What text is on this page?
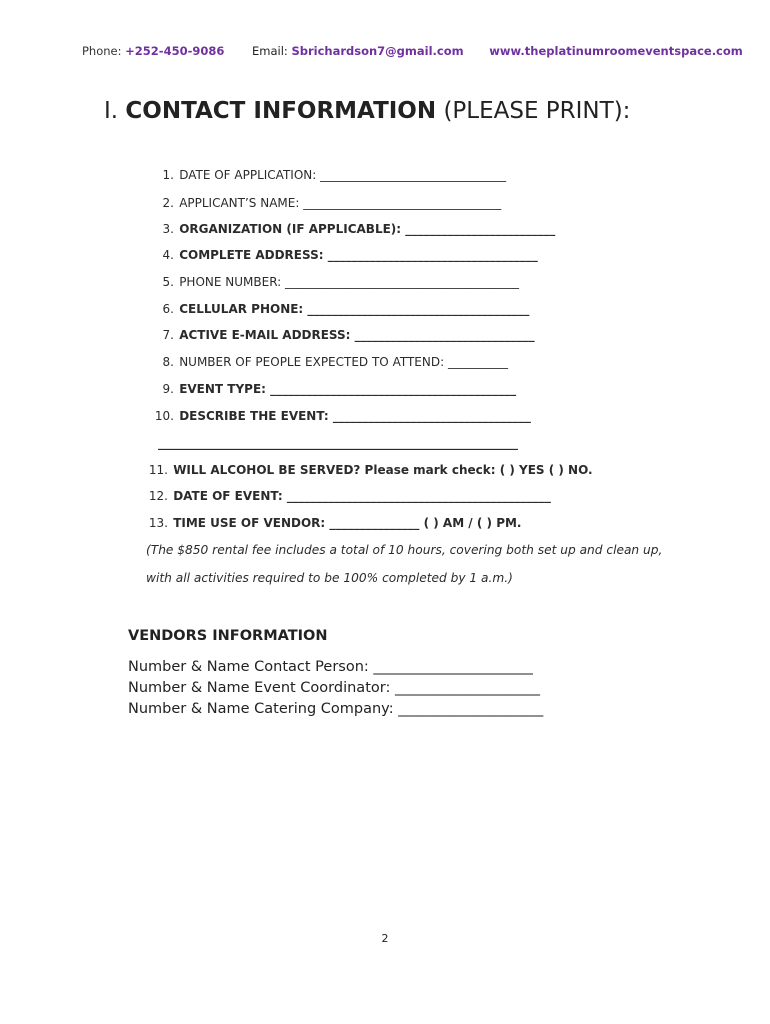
Phone: +252-450-9086 Email: Sbrichardson7@gmail.com www.theplatinumroomeventspace.com
I. CONTACT INFORMATION (PLEASE PRINT):
1. DATE OF APPLICATION: _______________________________
2. APPLICANT’S NAME: _________________________________
3. ORGANIZATION (IF APPLICABLE): _________________________
4. COMPLETE ADDRESS: ___________________________________
5. PHONE NUMBER: _______________________________________
6. CELLULAR PHONE: _____________________________________
7. ACTIVE E-MAIL ADDRESS: ______________________________
8. NUMBER OF PEOPLE EXPECTED TO ATTEND: __________
9. EVENT TYPE: _________________________________________
10. DESCRIBE THE EVENT: _________________________________
____________________________________________________________
11. WILL ALCOHOL BE SERVED? Please mark check: ( ) YES ( ) NO.
12. DATE OF EVENT: ____________________________________________
13. TIME USE OF VENDOR: _______________ ( ) AM / ( ) PM.
(The $850 rental fee includes a total of 10 hours, covering both set up and clean up,
with all activities required to be 100% completed by 1 a.m.)
VENDORS INFORMATION
Number & Name Contact Person: ______________________
Number & Name Event Coordinator: ____________________
Number & Name Catering Company: ____________________
2
